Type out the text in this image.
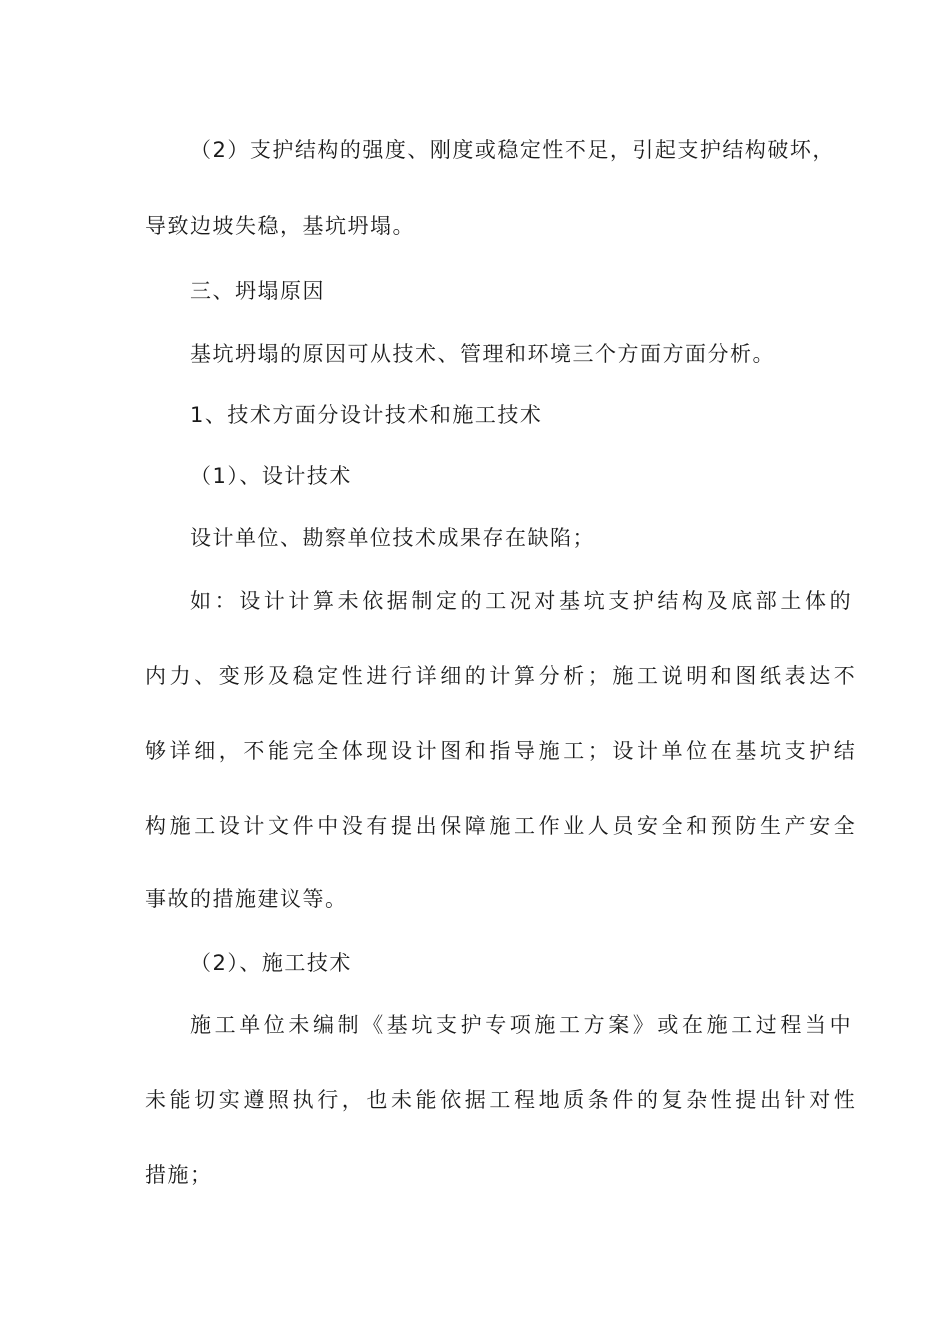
（2）支护结构的强度、刚度或稳定性不足，引起支护结构破坏，
导致边坡失稳，基坑坍塌。
三、坍塌原因
基坑坍塌的原因可从技术、管理和环境三个方面方面分析。
1、技术方面分设计技术和施工技术
（1）、设计技术
设计单位、勘察单位技术成果存在缺陷；
如：设计计算未依据制定的工况对基坑支护结构及底部土体的
内力、变形及稳定性进行详细的计算分析；施工说明和图纸表达不
够详细，不能完全体现设计图和指导施工；设计单位在基坑支护结
构施工设计文件中没有提出保障施工作业人员安全和预防生产安全
事故的措施建议等。
（2）、施工技术
施工单位未编制《基坑支护专项施工方案》或在施工过程当中
未能切实遵照执行，也未能依据工程地质条件的复杂性提出针对性
措施；
